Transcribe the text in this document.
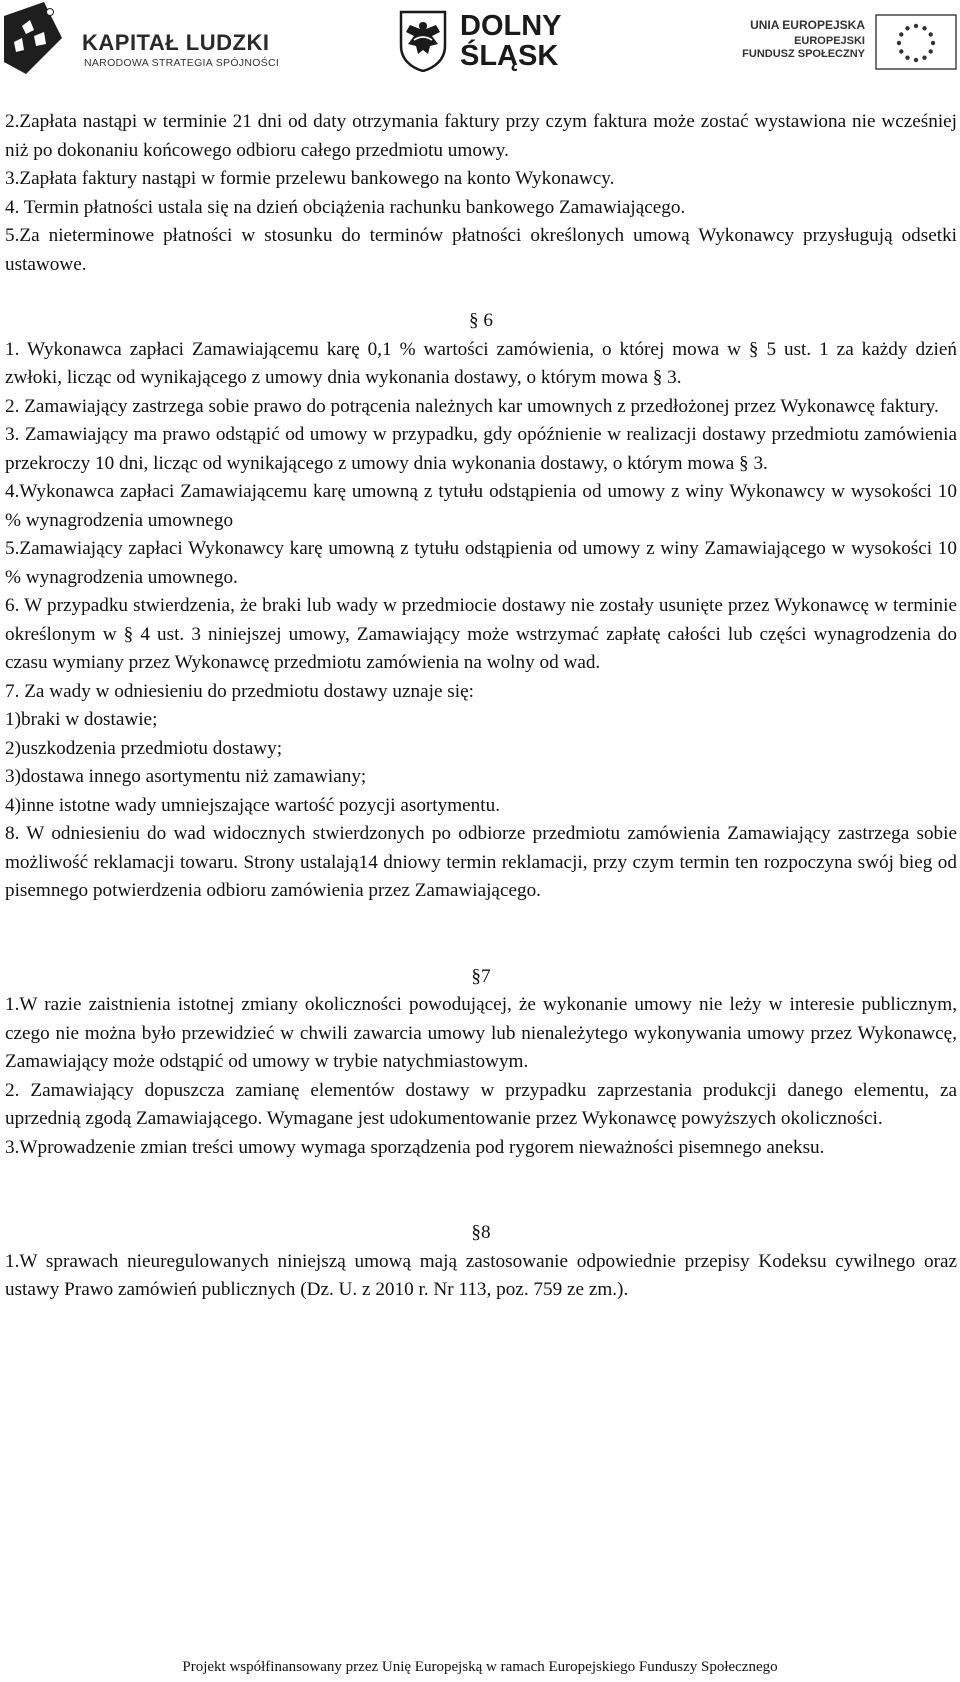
KAPITAŁ LUDZKI
NARODOWA STRATEGIA SPÓJNOŚCI
DOLNY
ŚLĄSK
UNIA EUROPEJSKA
EUROPEJSKI
FUNDUSZ SPOŁECZNY

2.Zapłata nastąpi w terminie 21 dni od daty otrzymania faktury przy czym faktura może zostać wystawiona nie wcześniej niż po dokonaniu końcowego odbioru całego przedmiotu umowy.

3.Zapłata faktury nastąpi w formie przelewu bankowego na konto Wykonawcy.

4. Termin płatności ustala się na dzień obciążenia rachunku bankowego Zamawiającego.

5.Za nieterminowe płatności w stosunku do terminów płatności określonych umową Wykonawcy przysługują odsetki ustawowe.

§ 6

1. Wykonawca zapłaci Zamawiającemu karę 0,1 % wartości zamówienia, o której mowa w § 5 ust. 1 za każdy dzień zwłoki, licząc od wynikającego z umowy dnia wykonania dostawy, o którym mowa § 3.

2. Zamawiający zastrzega sobie prawo do potrącenia należnych kar umownych z przedłożonej przez Wykonawcę faktury.

3. Zamawiający ma prawo odstąpić od umowy w przypadku, gdy opóźnienie w realizacji dostawy przedmiotu zamówienia przekroczy 10 dni, licząc od wynikającego z umowy dnia wykonania dostawy, o którym mowa § 3.

4.Wykonawca zapłaci Zamawiającemu karę umowną z tytułu odstąpienia od umowy z winy Wykonawcy w wysokości 10 % wynagrodzenia umownego

5.Zamawiający zapłaci Wykonawcy karę umowną z tytułu odstąpienia od umowy z winy Zamawiającego w wysokości 10 % wynagrodzenia umownego.

6. W przypadku stwierdzenia, że braki lub wady w przedmiocie dostawy nie zostały usunięte przez Wykonawcę w terminie określonym w § 4 ust. 3 niniejszej umowy, Zamawiający może wstrzymać zapłatę całości lub części wynagrodzenia do czasu wymiany przez Wykonawcę przedmiotu zamówienia na wolny od wad.

7. Za wady w odniesieniu do przedmiotu dostawy uznaje się:

1)braki w dostawie;

2)uszkodzenia przedmiotu dostawy;

3)dostawa innego asortymentu niż zamawiany;

4)inne istotne wady umniejszające wartość pozycji asortymentu.

8. W odniesieniu do wad widocznych stwierdzonych po odbiorze przedmiotu zamówienia Zamawiający zastrzega sobie możliwość reklamacji towaru. Strony ustalają14 dniowy termin reklamacji, przy czym termin ten rozpoczyna swój bieg od pisemnego potwierdzenia odbioru zamówienia przez Zamawiającego.

§7

1.W razie zaistnienia istotnej zmiany okoliczności powodującej, że wykonanie umowy nie leży w interesie publicznym, czego nie można było przewidzieć w chwili zawarcia umowy lub nienależytego wykonywania umowy przez Wykonawcę, Zamawiający może odstąpić od umowy w trybie natychmiastowym.

2. Zamawiający dopuszcza zamianę elementów dostawy w przypadku zaprzestania produkcji danego elementu, za uprzednią zgodą Zamawiającego. Wymagane jest udokumentowanie przez Wykonawcę powyższych okoliczności.

3.Wprowadzenie zmian treści umowy wymaga sporządzenia pod rygorem nieważności pisemnego aneksu.

§8

1.W sprawach nieuregulowanych niniejszą umową mają zastosowanie odpowiednie przepisy Kodeksu cywilnego oraz ustawy Prawo zamówień publicznych (Dz. U. z 2010 r. Nr 113, poz. 759 ze zm.).

Projekt współfinansowany przez Unię Europejską w ramach Europejskiego Funduszy Społecznego
